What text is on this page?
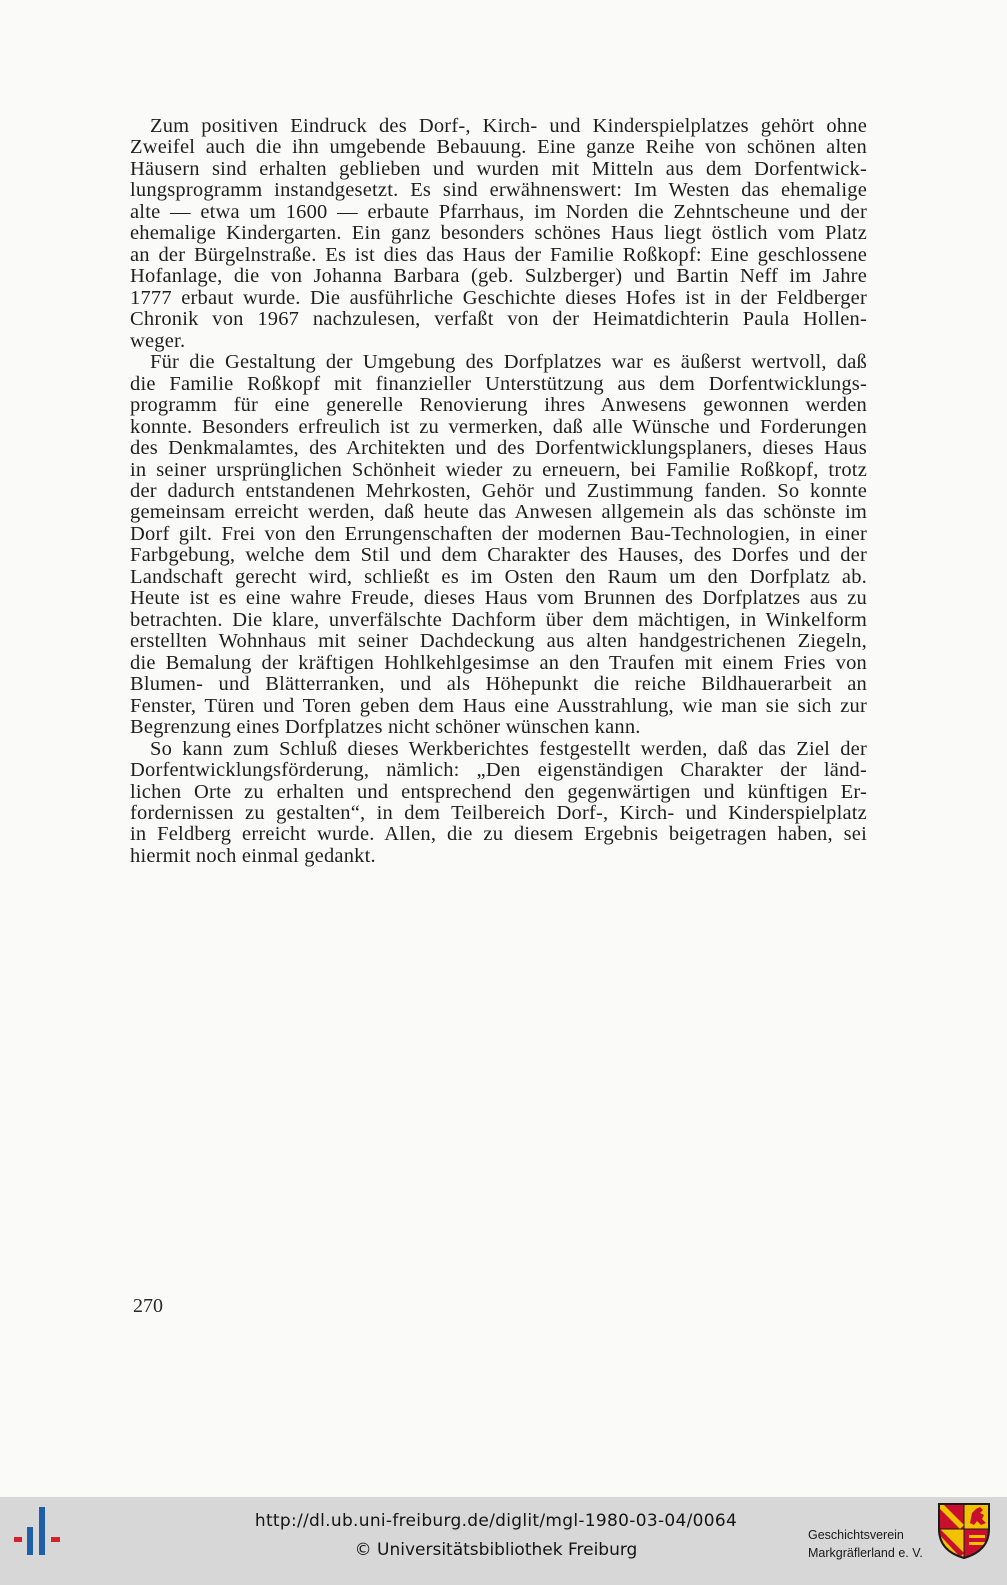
Zum positiven Eindruck des Dorf-, Kirch- und Kinderspielplatzes gehört ohne
Zweifel auch die ihn umgebende Bebauung. Eine ganze Reihe von schönen alten
Häusern sind erhalten geblieben und wurden mit Mitteln aus dem Dorfentwick-
lungsprogramm instandgesetzt. Es sind erwähnenswert: Im Westen das ehemalige
alte — etwa um 1600 — erbaute Pfarrhaus, im Norden die Zehntscheune und der
ehemalige Kindergarten. Ein ganz besonders schönes Haus liegt östlich vom Platz
an der Bürgelnstraße. Es ist dies das Haus der Familie Roßkopf: Eine geschlossene
Hofanlage, die von Johanna Barbara (geb. Sulzberger) und Bartin Neff im Jahre
1777 erbaut wurde. Die ausführliche Geschichte dieses Hofes ist in der Feldberger
Chronik von 1967 nachzulesen, verfaßt von der Heimatdichterin Paula Hollen-
weger.
Für die Gestaltung der Umgebung des Dorfplatzes war es äußerst wertvoll, daß
die Familie Roßkopf mit finanzieller Unterstützung aus dem Dorfentwicklungs-
programm für eine generelle Renovierung ihres Anwesens gewonnen werden
konnte. Besonders erfreulich ist zu vermerken, daß alle Wünsche und Forderungen
des Denkmalamtes, des Architekten und des Dorfentwicklungsplaners, dieses Haus
in seiner ursprünglichen Schönheit wieder zu erneuern, bei Familie Roßkopf, trotz
der dadurch entstandenen Mehrkosten, Gehör und Zustimmung fanden. So konnte
gemeinsam erreicht werden, daß heute das Anwesen allgemein als das schönste im
Dorf gilt. Frei von den Errungenschaften der modernen Bau-Technologien, in einer
Farbgebung, welche dem Stil und dem Charakter des Hauses, des Dorfes und der
Landschaft gerecht wird, schließt es im Osten den Raum um den Dorfplatz ab.
Heute ist es eine wahre Freude, dieses Haus vom Brunnen des Dorfplatzes aus zu
betrachten. Die klare, unverfälschte Dachform über dem mächtigen, in Winkelform
erstellten Wohnhaus mit seiner Dachdeckung aus alten handgestrichenen Ziegeln,
die Bemalung der kräftigen Hohlkehlgesimse an den Traufen mit einem Fries von
Blumen- und Blätterranken, und als Höhepunkt die reiche Bildhauerarbeit an
Fenster, Türen und Toren geben dem Haus eine Ausstrahlung, wie man sie sich zur
Begrenzung eines Dorfplatzes nicht schöner wünschen kann.
So kann zum Schluß dieses Werkberichtes festgestellt werden, daß das Ziel der
Dorfentwicklungsförderung, nämlich: „Den eigenständigen Charakter der länd-
lichen Orte zu erhalten und entsprechend den gegenwärtigen und künftigen Er-
fordernissen zu gestalten“, in dem Teilbereich Dorf-, Kirch- und Kinderspielplatz
in Feldberg erreicht wurde. Allen, die zu diesem Ergebnis beigetragen haben, sei
hiermit noch einmal gedankt.
270
http://dl.ub.uni-freiburg.de/diglit/mgl-1980-03-04/0064
© Universitätsbibliothek Freiburg
Geschichtsverein
Markgräflerland e. V.
